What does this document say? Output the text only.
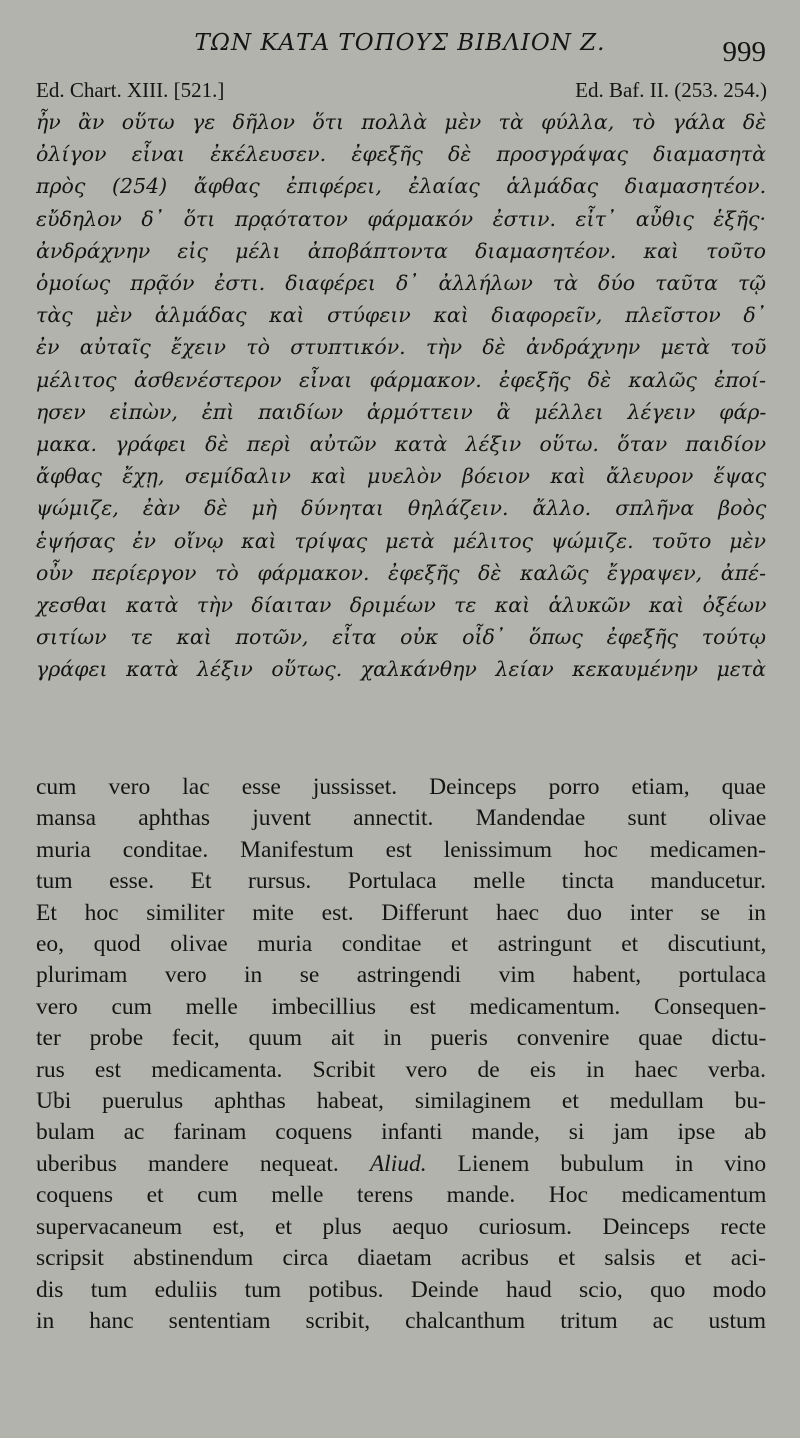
ΤΩΝ ΚΑΤΑ ΤΟΠΟΥΣ ΒΙΒΛΙΟΝ Ζ.	999
Ed. Chart. XIII. [521.]	Ed. Baf. II. (253. 254.)
ἦν ἂν οὕτω γε δῆλον ὅτι πολλὰ μὲν τὰ φύλλα, τὸ γάλα δὲ
ὀλίγον εἶναι ἐκέλευσεν. ἐφεξῆς δὲ προσγράψας διαμασητὰ
πρὸς (254) ἄφθας ἐπιφέρει, ἐλαίας ἁλμάδας διαμασητέον.
εὔδηλον δ᾽ ὅτι πρᾳότατον φάρμακόν ἐστιν. εἶτ᾽ αὖθις ἑξῆς·
ἀνδράχνην εἰς μέλι ἀποβάπτοντα διαμασητέον. καὶ τοῦτο
ὁμοίως πρᾷόν ἐστι. διαφέρει δ᾽ ἀλλήλων τὰ δύο ταῦτα τῷ
τὰς μὲν ἁλμάδας καὶ στύφειν καὶ διαφορεῖν, πλεῖστον δ᾽
ἐν αὐταῖς ἔχειν τὸ στυπτικόν. τὴν δὲ ἀνδράχνην μετὰ τοῦ
μέλιτος ἀσθενέστερον εἶναι φάρμακον. ἐφεξῆς δὲ καλῶς ἐποί-
ησεν εἰπὼν, ἐπὶ παιδίων ἁρμόττειν ἃ μέλλει λέγειν φάρ-
μακα. γράφει δὲ περὶ αὐτῶν κατὰ λέξιν οὕτω. ὅταν παιδίον
ἄφθας ἔχῃ, σεμίδαλιν καὶ μυελὸν βόειον καὶ ἄλευρον ἕψας
ψώμιζε, ἐὰν δὲ μὴ δύνηται θηλάζειν. ἄλλο. σπλῆνα βοὸς
ἑψήσας ἐν οἴνῳ καὶ τρίψας μετὰ μέλιτος ψώμιζε. τοῦτο μὲν
οὖν περίεργον τὸ φάρμακον. ἐφεξῆς δὲ καλῶς ἔγραψεν, ἀπέ-
χεσθαι κατὰ τὴν δίαιταν δριμέων τε καὶ ἁλυκῶν καὶ ὀξέων
σιτίων τε καὶ ποτῶν, εἶτα οὐκ οἶδ᾽ ὅπως ἐφεξῆς τούτῳ
γράφει κατὰ λέξιν οὕτως. χαλκάνθην λείαν κεκαυμένην μετὰ
cum vero lac esse jussisset. Deinceps porro etiam, quae
mansa aphthas juvent annectit. Mandendae sunt olivae
muria conditae. Manifestum est lenissimum hoc medicamen-
tum esse. Et rursus. Portulaca melle tincta manducetur.
Et hoc similiter mite est. Differunt haec duo inter se in
eo, quod olivae muria conditae et astringunt et discutiunt,
plurimam vero in se astringendi vim habent, portulaca
vero cum melle imbecillius est medicamentum. Consequen-
ter probe fecit, quum ait in pueris convenire quae dictu-
rus est medicamenta. Scribit vero de eis in haec verba.
Ubi puerulus aphthas habeat, similaginem et medullam bu-
bulam ac farinam coquens infanti mande, si jam ipse ab
uberibus mandere nequeat. Aliud. Lienem bubulum in vino
coquens et cum melle terens mande. Hoc medicamentum
supervacaneum est, et plus aequo curiosum. Deinceps recte
scripsit abstinendum circa diaetam acribus et salsis et aci-
dis tum eduliis tum potibus. Deinde haud scio, quo modo
in hanc sententiam scribit, chalcanthum tritum ac ustum
